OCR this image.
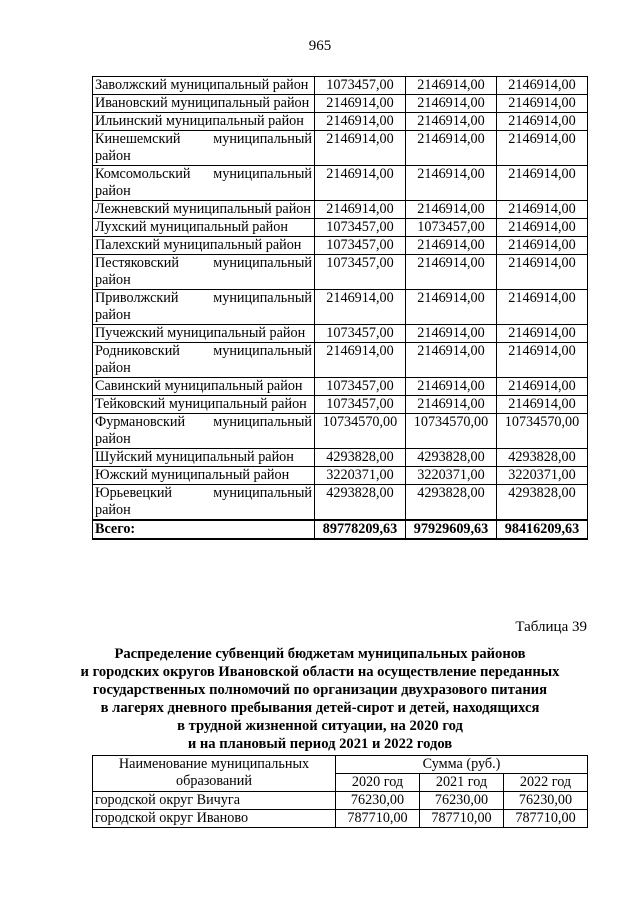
965
Заволжский муниципальный район	1073457,00	2146914,00	2146914,00
Ивановский муниципальный район	2146914,00	2146914,00	2146914,00
Ильинский муниципальный район	2146914,00	2146914,00	2146914,00
Кинешемский муниципальный район	2146914,00	2146914,00	2146914,00
Комсомольский муниципальный район	2146914,00	2146914,00	2146914,00
Лежневский муниципальный район	2146914,00	2146914,00	2146914,00
Лухский муниципальный район	1073457,00	1073457,00	2146914,00
Палехский муниципальный район	1073457,00	2146914,00	2146914,00
Пестяковский муниципальный район	1073457,00	2146914,00	2146914,00
Приволжский муниципальный район	2146914,00	2146914,00	2146914,00
Пучежский муниципальный район	1073457,00	2146914,00	2146914,00
Родниковский муниципальный район	2146914,00	2146914,00	2146914,00
Савинский муниципальный район	1073457,00	2146914,00	2146914,00
Тейковский муниципальный район	1073457,00	2146914,00	2146914,00
Фурмановский муниципальный район	10734570,00	10734570,00	10734570,00
Шуйский муниципальный район	4293828,00	4293828,00	4293828,00
Южский муниципальный район	3220371,00	3220371,00	3220371,00
Юрьевецкий муниципальный район	4293828,00	4293828,00	4293828,00
Всего:	89778209,63	97929609,63	98416209,63
Таблица 39
Распределение субвенций бюджетам муниципальных районов
и городских округов Ивановской области на осуществление переданных
государственных полномочий по организации двухразового питания
в лагерях дневного пребывания детей-сирот и детей, находящихся
в трудной жизненной ситуации, на 2020 год
и на плановый период 2021 и 2022 годов
Наименование муниципальных образований	Сумма (руб.)		
	2020 год	2021 год	2022 год
городской округ Вичуга	76230,00	76230,00	76230,00
городской округ Иваново	787710,00	787710,00	787710,00
